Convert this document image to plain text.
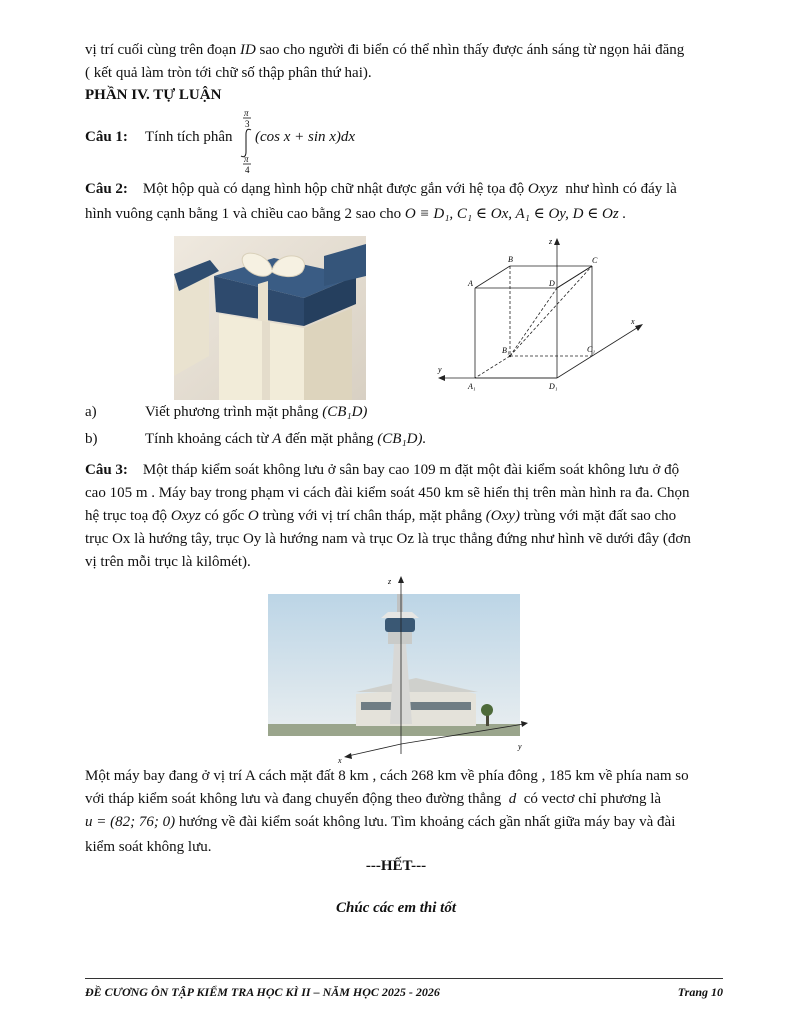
vị trí cuối cùng trên đoạn ID sao cho người đi biển có thể nhìn thấy được ánh sáng từ ngọn hải đăng
( kết quả làm tròn tới chữ số thập phân thứ hai).
PHẦN IV. TỰ LUẬN
Câu 1: Tính tích phân
π
3
π
4
(cos x + sin x)dx
Câu 2: Một hộp quà có dạng hình hộp chữ nhật được gắn với hệ tọa độ Oxyz như hình có đáy là
hình vuông cạnh bằng 1 và chiều cao bằng 2 sao cho O ≡ D₁, C₁ ∈ Ox, A₁ ∈ Oy, D ∈ Oz .
z
y
x
A
B	C
D
A₁
B₁	C₁
D₁
a)	Viết phương trình mặt phẳng (CB₁D)
b)	Tính khoảng cách từ A đến mặt phẳng (CB₁D).
Câu 3: Một tháp kiểm soát không lưu ở sân bay cao 109 m đặt một đài kiểm soát không lưu ở độ
cao 105 m . Máy bay trong phạm vi cách đài kiểm soát 450 km sẽ hiển thị trên màn hình ra đa. Chọn
hệ trục toạ độ Oxyz có gốc O trùng với vị trí chân tháp, mặt phẳng (Oxy) trùng với mặt đất sao cho
trục Ox là hướng tây, trục Oy là hướng nam và trục Oz là trục thẳng đứng như hình vẽ dưới đây (đơn
vị trên mỗi trục là kilômét).
z
y
x
Một máy bay đang ở vị trí A cách mặt đất 8 km , cách 268 km về phía đông , 185 km về phía nam so
với tháp kiểm soát không lưu và đang chuyển động theo đường thẳng d có vectơ chỉ phương là
u = (82; 76; 0) hướng về đài kiểm soát không lưu. Tìm khoảng cách gần nhất giữa máy bay và đài
kiểm soát không lưu.
---HẾT---
Chúc các em thi tốt
ĐỀ CƯƠNG ÔN TẬP KIỂM TRA HỌC KÌ II – NĂM HỌC 2025 - 2026	Trang 10
